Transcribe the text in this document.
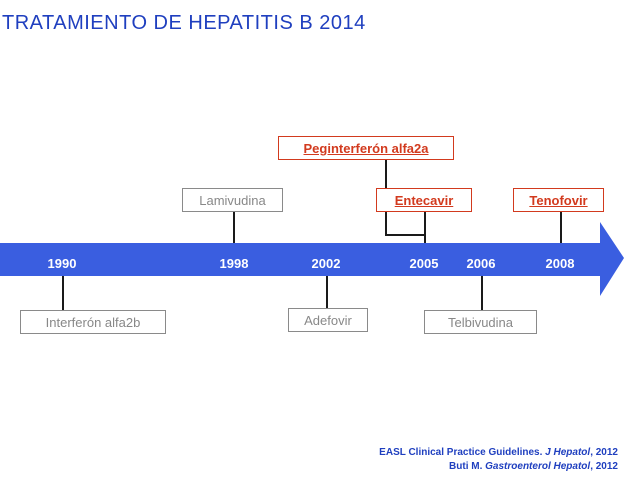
TRATAMIENTO DE HEPATITIS B 2014
1990	1998	2002	2005 2006	2008
Interferón alfa2b
Lamivudina
Adefovir
Peginterferón alfa2a
Entecavir
Telbivudina
Tenofovir
EASL Clinical Practice Guidelines. J Hepatol, 2012
Buti M. Gastroenterol Hepatol, 2012
